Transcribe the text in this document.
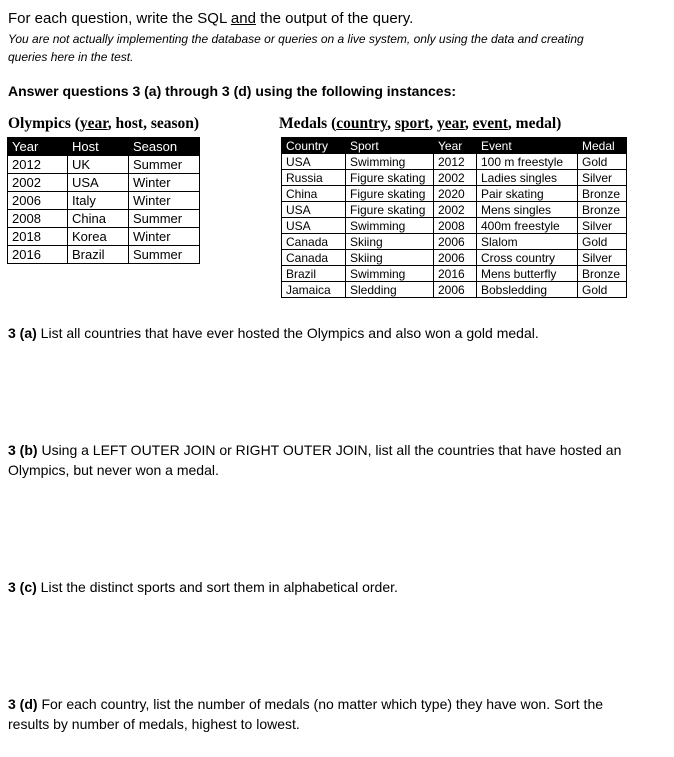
For each question, write the SQL and the output of the query.
You are not actually implementing the database or queries on a live system, only using the data and creating queries here in the test.
Answer questions 3 (a) through 3 (d) using the following instances:
Olympics (year, host, season)	Medals (country, sport, year, event, medal)
Year	Host	Season
2012	UK	Summer
2002	USA	Winter
2006	Italy	Winter
2008	China	Summer
2018	Korea	Winter
2016	Brazil	Summer
Country	Sport	Year	Event	Medal
USA	Swimming	2012	100 m freestyle	Gold
Russia	Figure skating	2002	Ladies singles	Silver
China	Figure skating	2020	Pair skating	Bronze
USA	Figure skating	2002	Mens singles	Bronze
USA	Swimming	2008	400m freestyle	Silver
Canada	Skiing	2006	Slalom	Gold
Canada	Skiing	2006	Cross country	Silver
Brazil	Swimming	2016	Mens butterfly	Bronze
Jamaica	Sledding	2006	Bobsledding	Gold
3 (a) List all countries that have ever hosted the Olympics and also won a gold medal.
3 (b) Using a LEFT OUTER JOIN or RIGHT OUTER JOIN, list all the countries that have hosted an Olympics, but never won a medal.
3 (c) List the distinct sports and sort them in alphabetical order.
3 (d) For each country, list the number of medals (no matter which type) they have won. Sort the results by number of medals, highest to lowest.
